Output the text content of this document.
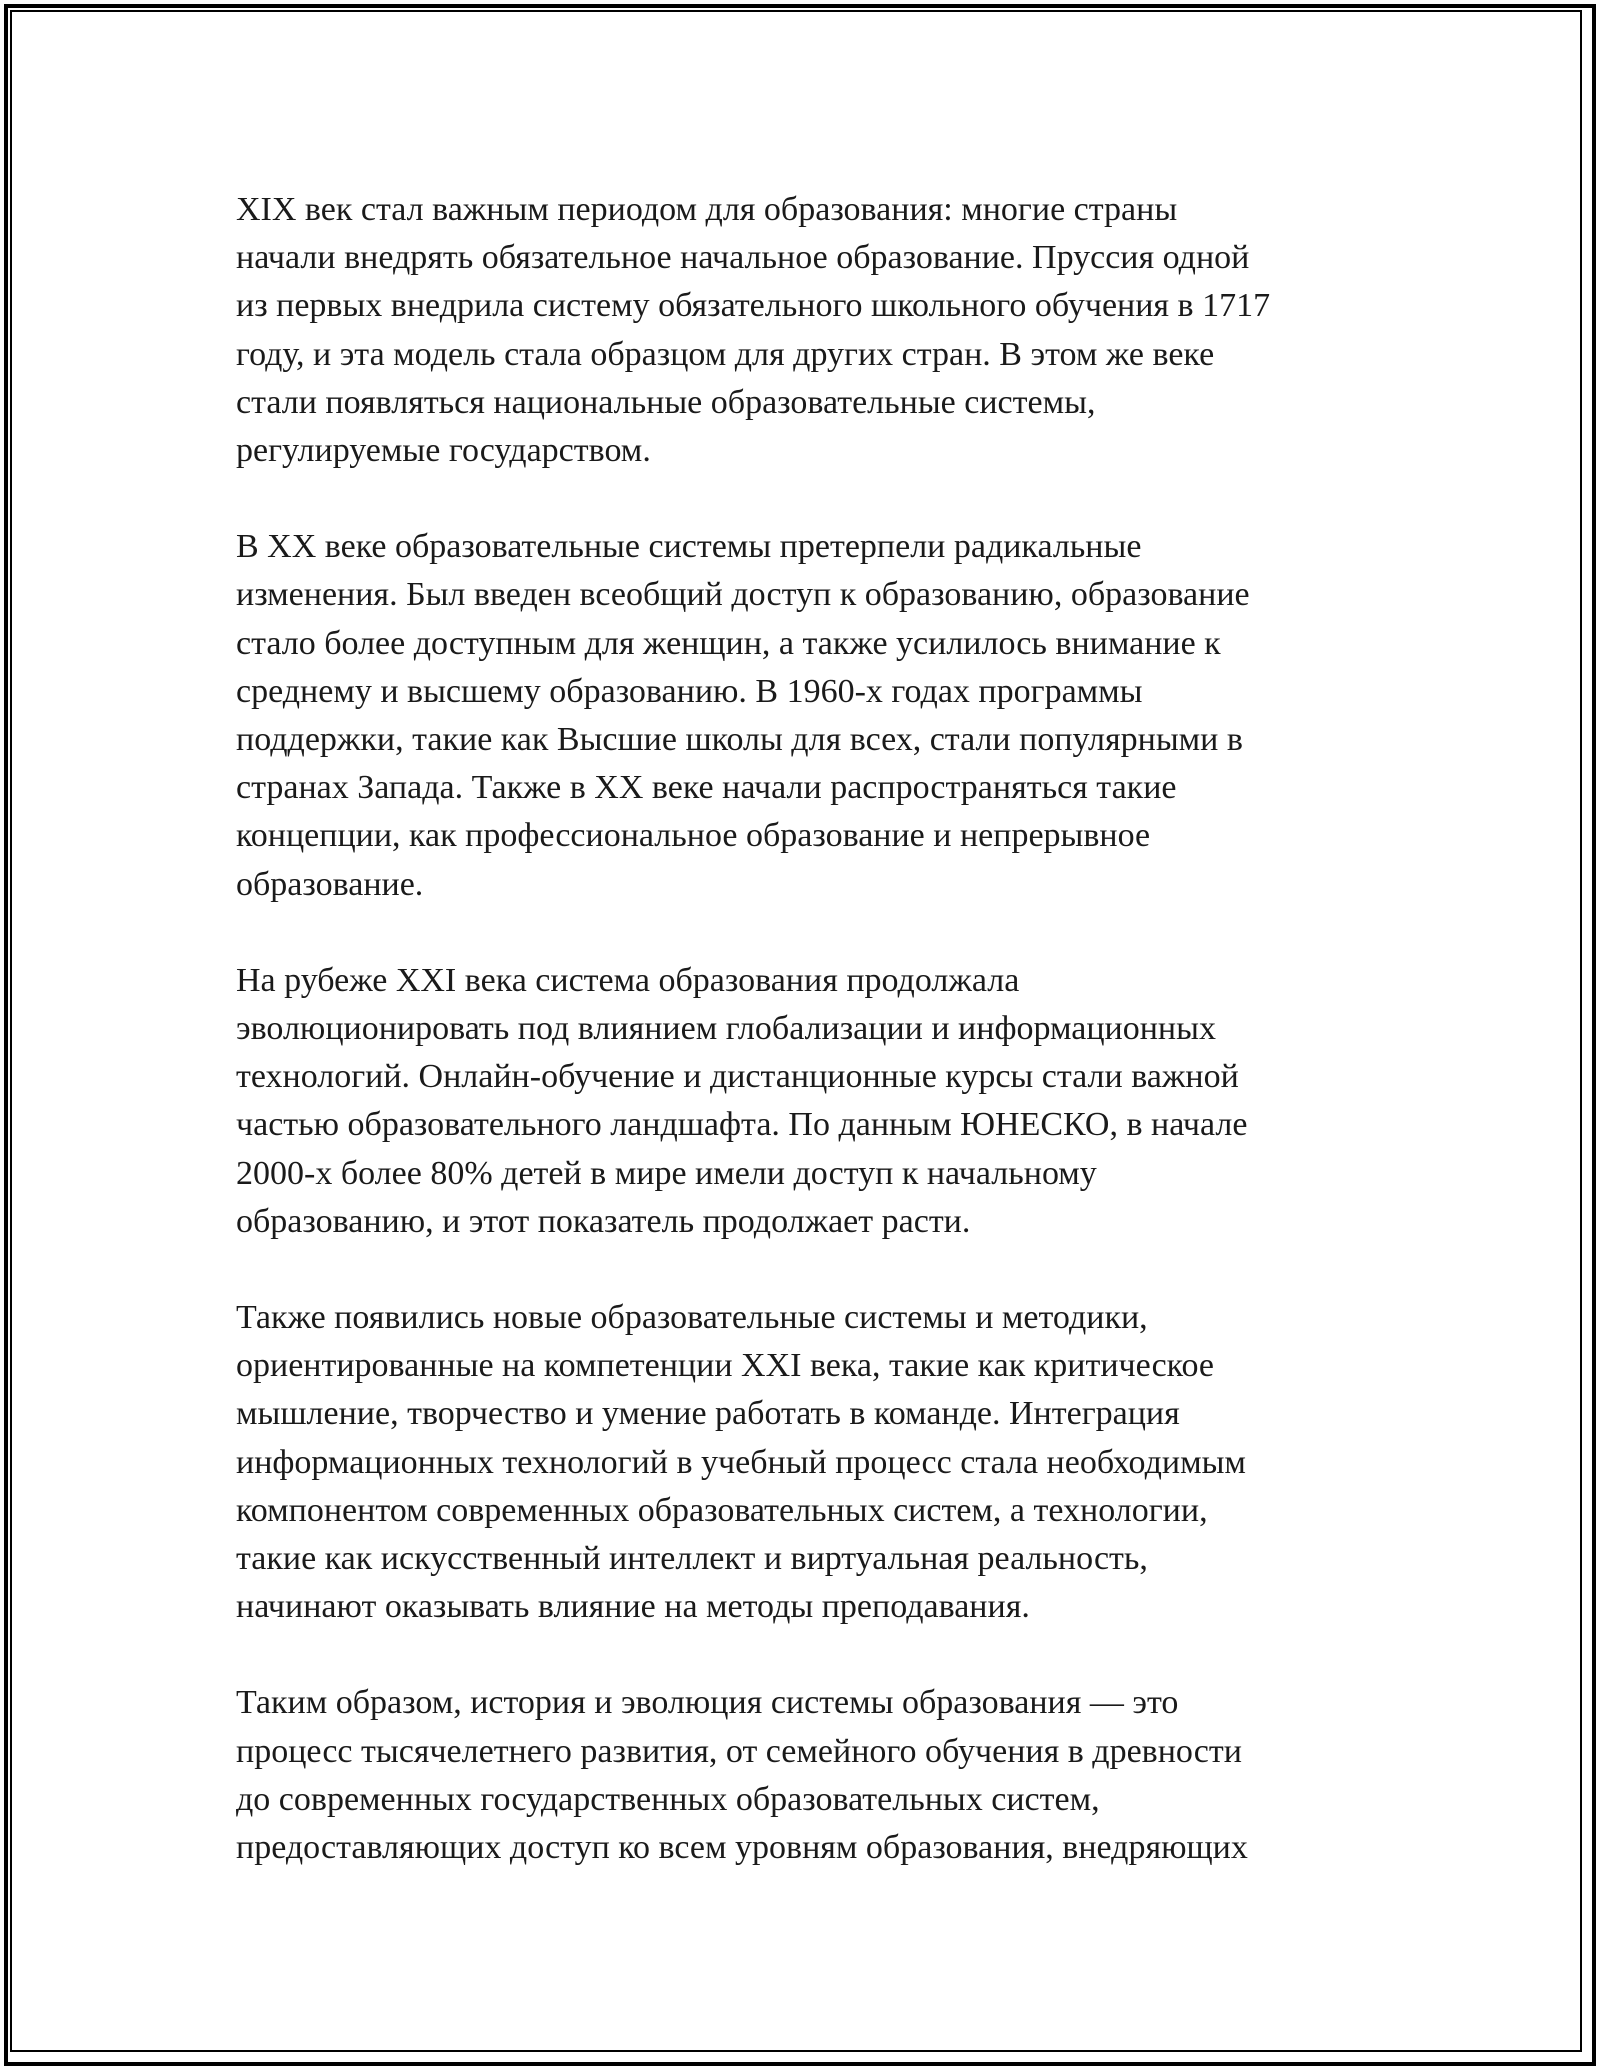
XIX век стал важным периодом для образования: многие страны
начали внедрять обязательное начальное образование. Пруссия одной
из первых внедрила систему обязательного школьного обучения в 1717
году, и эта модель стала образцом для других стран. В этом же веке
стали появляться национальные образовательные системы,
регулируемые государством.

В XX веке образовательные системы претерпели радикальные
изменения. Был введен всеобщий доступ к образованию, образование
стало более доступным для женщин, а также усилилось внимание к
среднему и высшему образованию. В 1960-х годах программы
поддержки, такие как Высшие школы для всех, стали популярными в
странах Запада. Также в XX веке начали распространяться такие
концепции, как профессиональное образование и непрерывное
образование.

На рубеже XXI века система образования продолжала
эволюционировать под влиянием глобализации и информационных
технологий. Онлайн-обучение и дистанционные курсы стали важной
частью образовательного ландшафта. По данным ЮНЕСКО, в начале
2000-х более 80% детей в мире имели доступ к начальному
образованию, и этот показатель продолжает расти.

Также появились новые образовательные системы и методики,
ориентированные на компетенции XXI века, такие как критическое
мышление, творчество и умение работать в команде. Интеграция
информационных технологий в учебный процесс стала необходимым
компонентом современных образовательных систем, а технологии,
такие как искусственный интеллект и виртуальная реальность,
начинают оказывать влияние на методы преподавания.

Таким образом, история и эволюция системы образования — это
процесс тысячелетнего развития, от семейного обучения в древности
до современных государственных образовательных систем,
предоставляющих доступ ко всем уровням образования, внедряющих
